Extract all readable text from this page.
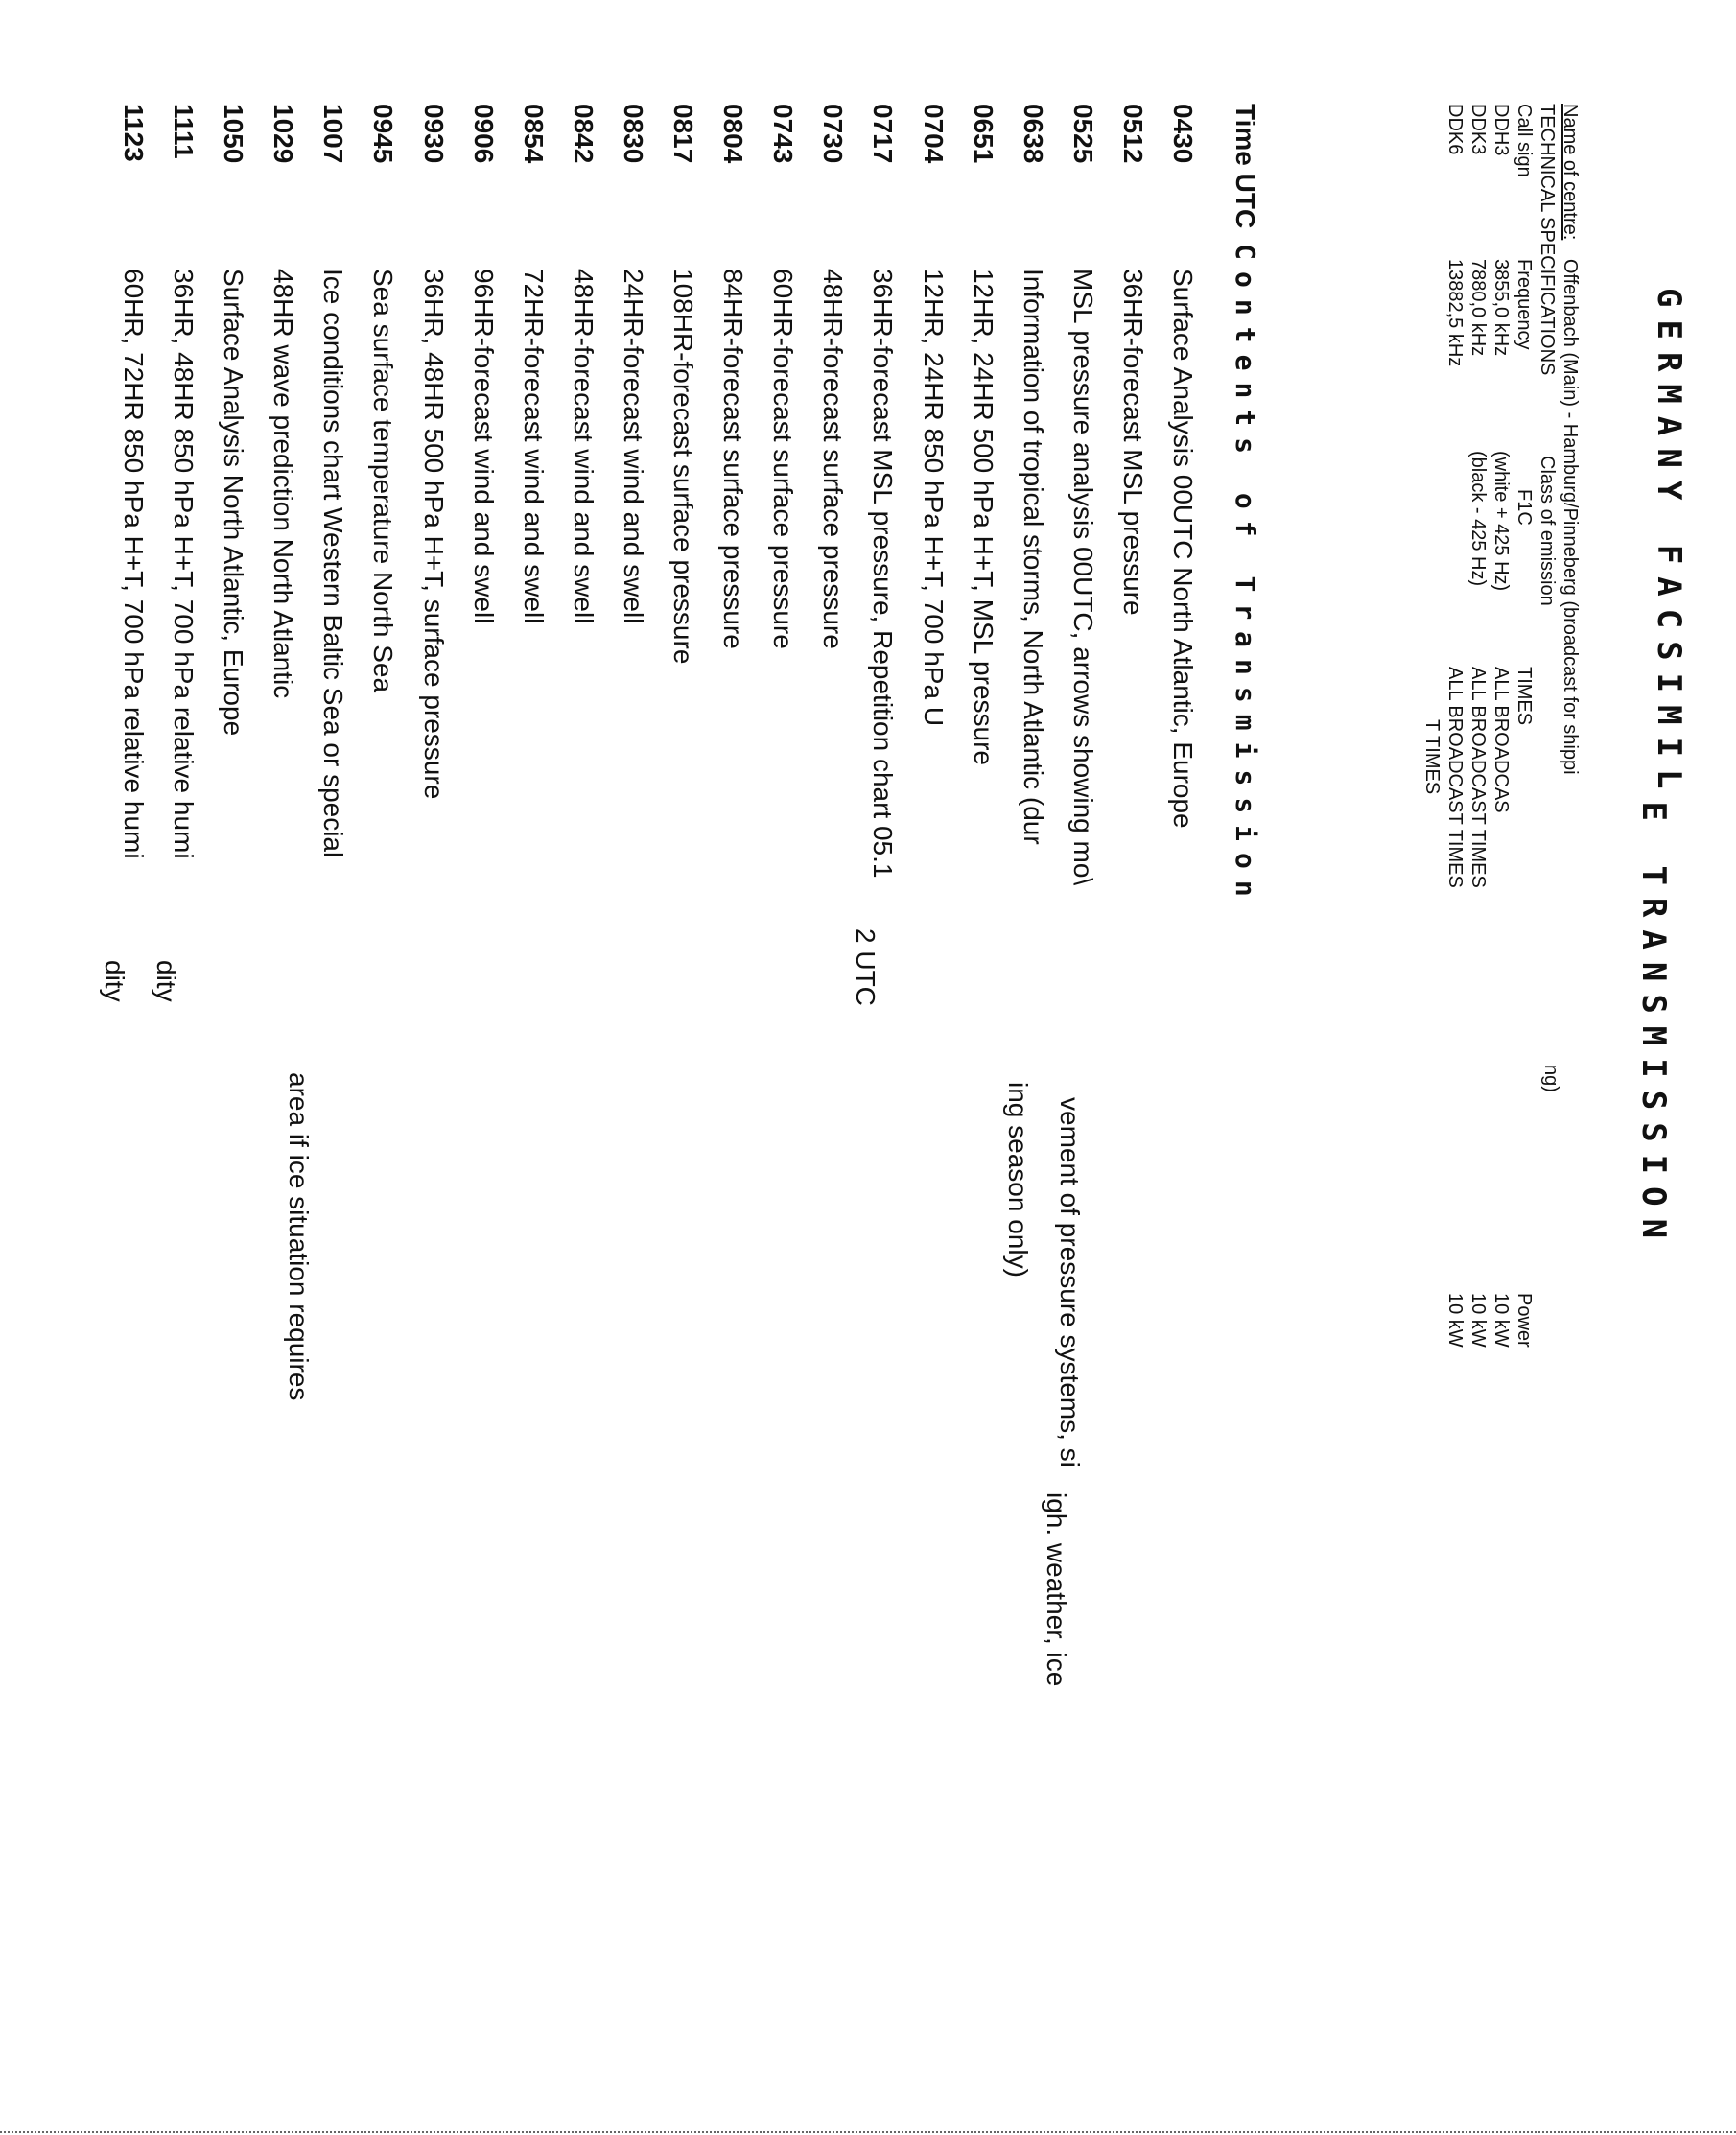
GERMANY FACSIMILE TRANSMISSION
Name of centre: Offenbach (Main) - Hamburg/Pinneberg (broadcast for shippi
ng)
TECHNICAL SPECIFICATIONS
Call sign
Frequency
Class of emission
TIMES
Power
DDH3
3855,0 kHz
F1C
ALL BROADCAS
10 kW
DDK3
7880,0 kHz
(white + 425 Hz)
ALL BROADCAST TIMES
10 kW
DDK6
13882,5 kHz
(black - 425 Hz)
ALL BROADCAST TIMES
10 kW
T TIMES
Time UTCContents of Transmission
0430
Surface Analysis 00UTC North Atlantic, Europe
0512
36HR-forecast MSL pressure
0525
MSL pressure analysis 00UTC, arrows showing mo\
vement of pressure systems, si
igh. weather, ice
0638
Information of tropical storms, North Atlantic (dur
ing season only)
0651
12HR, 24HR 500 hPa H+T, MSL pressure
0704
12HR, 24HR 850 hPa H+T, 700 hPa U
0717
36HR-forecast MSL pressure, Repetition chart 05.1
2 UTC
0730
48HR-forecast surface pressure
0743
60HR-forecast surface pressure
0804
84HR-forecast surface pressure
0817
108HR-forecast surface pressure
0830
24HR-forecast wind and swell
0842
48HR-forecast wind and swell
0854
72HR-forecast wind and swell
0906
96HR-forecast wind and swell
0930
36HR, 48HR 500 hPa H+T, surface pressure
0945
Sea surface temperature North Sea
1007
Ice conditions chart Western Baltic Sea or special
area if ice situation requires
1029
48HR wave prediction North Atlantic
1050
Surface Analysis North Atlantic, Europe
1111
36HR, 48HR 850 hPa H+T, 700 hPa relative humi
dity
1123
60HR, 72HR 850 hPa H+T, 700 hPa relative humi
dity
